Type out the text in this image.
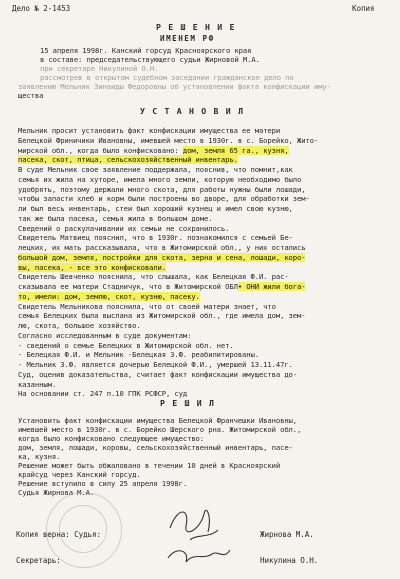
Дело № 2-1453	Копия
Р Е Ш Е Н И Е
ИМЕНЕМ РФ
15 апреля 1998г. Канский горсуд Красноярского края
в составе: председательствующего судьи Жирновой М.А.
при секретаре Никулиной О.Н.
рассмотрев в открытом судебном заседании гражданское дело по
заявлению Мельник Зинаиды Федоровны об установлении факта конфискации иму-
щества
У С Т А Н О В И Л
Мельник просит установить факт конфискации имущества ее матери
Белецкой Фриничики Ивановны, имевшей место в 1930г. в с. Борейко, Жито-
мирской обл., когда было конфисковано: дом, земля 65 га., кузня,
пасека, скот, птица, сельскохозяйственный инвентарь.
В суде Мельник свое заявление поддержала, пояснив, что помнит,как
семья их жила на хуторе, имела много земли, которую необходимо было
удобрять, поэтому держали много скота, для работы нужны были лошади,
чтобы запасти хлеб и корм были построены во дворе, для обработки зем-
ли был весь инвентарь, стеи был хороший кузнец и имел свою кузню,
так же была пасека, семья жила в большом доме.
Сведений о раскулачивании их семьи не сохранилось.
Свидетель Матвиец пояснил, что в 1930г. познакомился с семьей Бе-
лецких, их мать рассказывала, что в Житомирской обл., у них остались
большой дом, земля, постройки для скота, зерна и сена, лошади, коро-
вы, пасека, - все это конфисковали.
Свидетель Шевченко пояснила, что слышала, как Белецкая Ф.И. рас-
сказывала ее матери Стадничук, что в Житомирской ОБЛ• ОНИ жили бога-
то, имели: дом, землю, скот, кузню, пасеку.
Свидетель Мельникова пояснила, что от своей матери знает, что
семья Белецких была выслана из Житомирской обл., где имела дом, зем-
лю, скота, большое хозяйство.
Согласно исследованным в суде документам:
- сведений о семье Белецких в Житомирской обл. нет.
- Белецкая Ф.И. и Мельник -Белецкая З.Ф. реабилитированы.
- Мельник З.Ф. является дочерью Белецкой Ф.И., умершей 13.11.47г.
Суд, оценив доказательства, считает факт конфискации имущества до-
казанным.
На основании ст. 247 п.10 ГПК РСФСР, суд
Р Е Ш И Л
Установить факт конфискации имущества Белецкой Франчешки Ивановны,
имевшей место в 1930г. в с. Борейко Шерского рна. Житомирской обл.,
когда было конфисковано следующее имущество:
дом, земля, лошади, коровы, сельскохозяйственный инвентарь, пасе-
ка, кузня.
Решение может быть обжаловано в течении 10 дней в Красноярский
крайсуд через Канский горсуд.
Решение вступило в силу 25 апреля 1998г.
Судья Жирнова М.А.
Копия верна: Судья:	Жирнова М.А.
Секретарь:	Никулина О.Н.
